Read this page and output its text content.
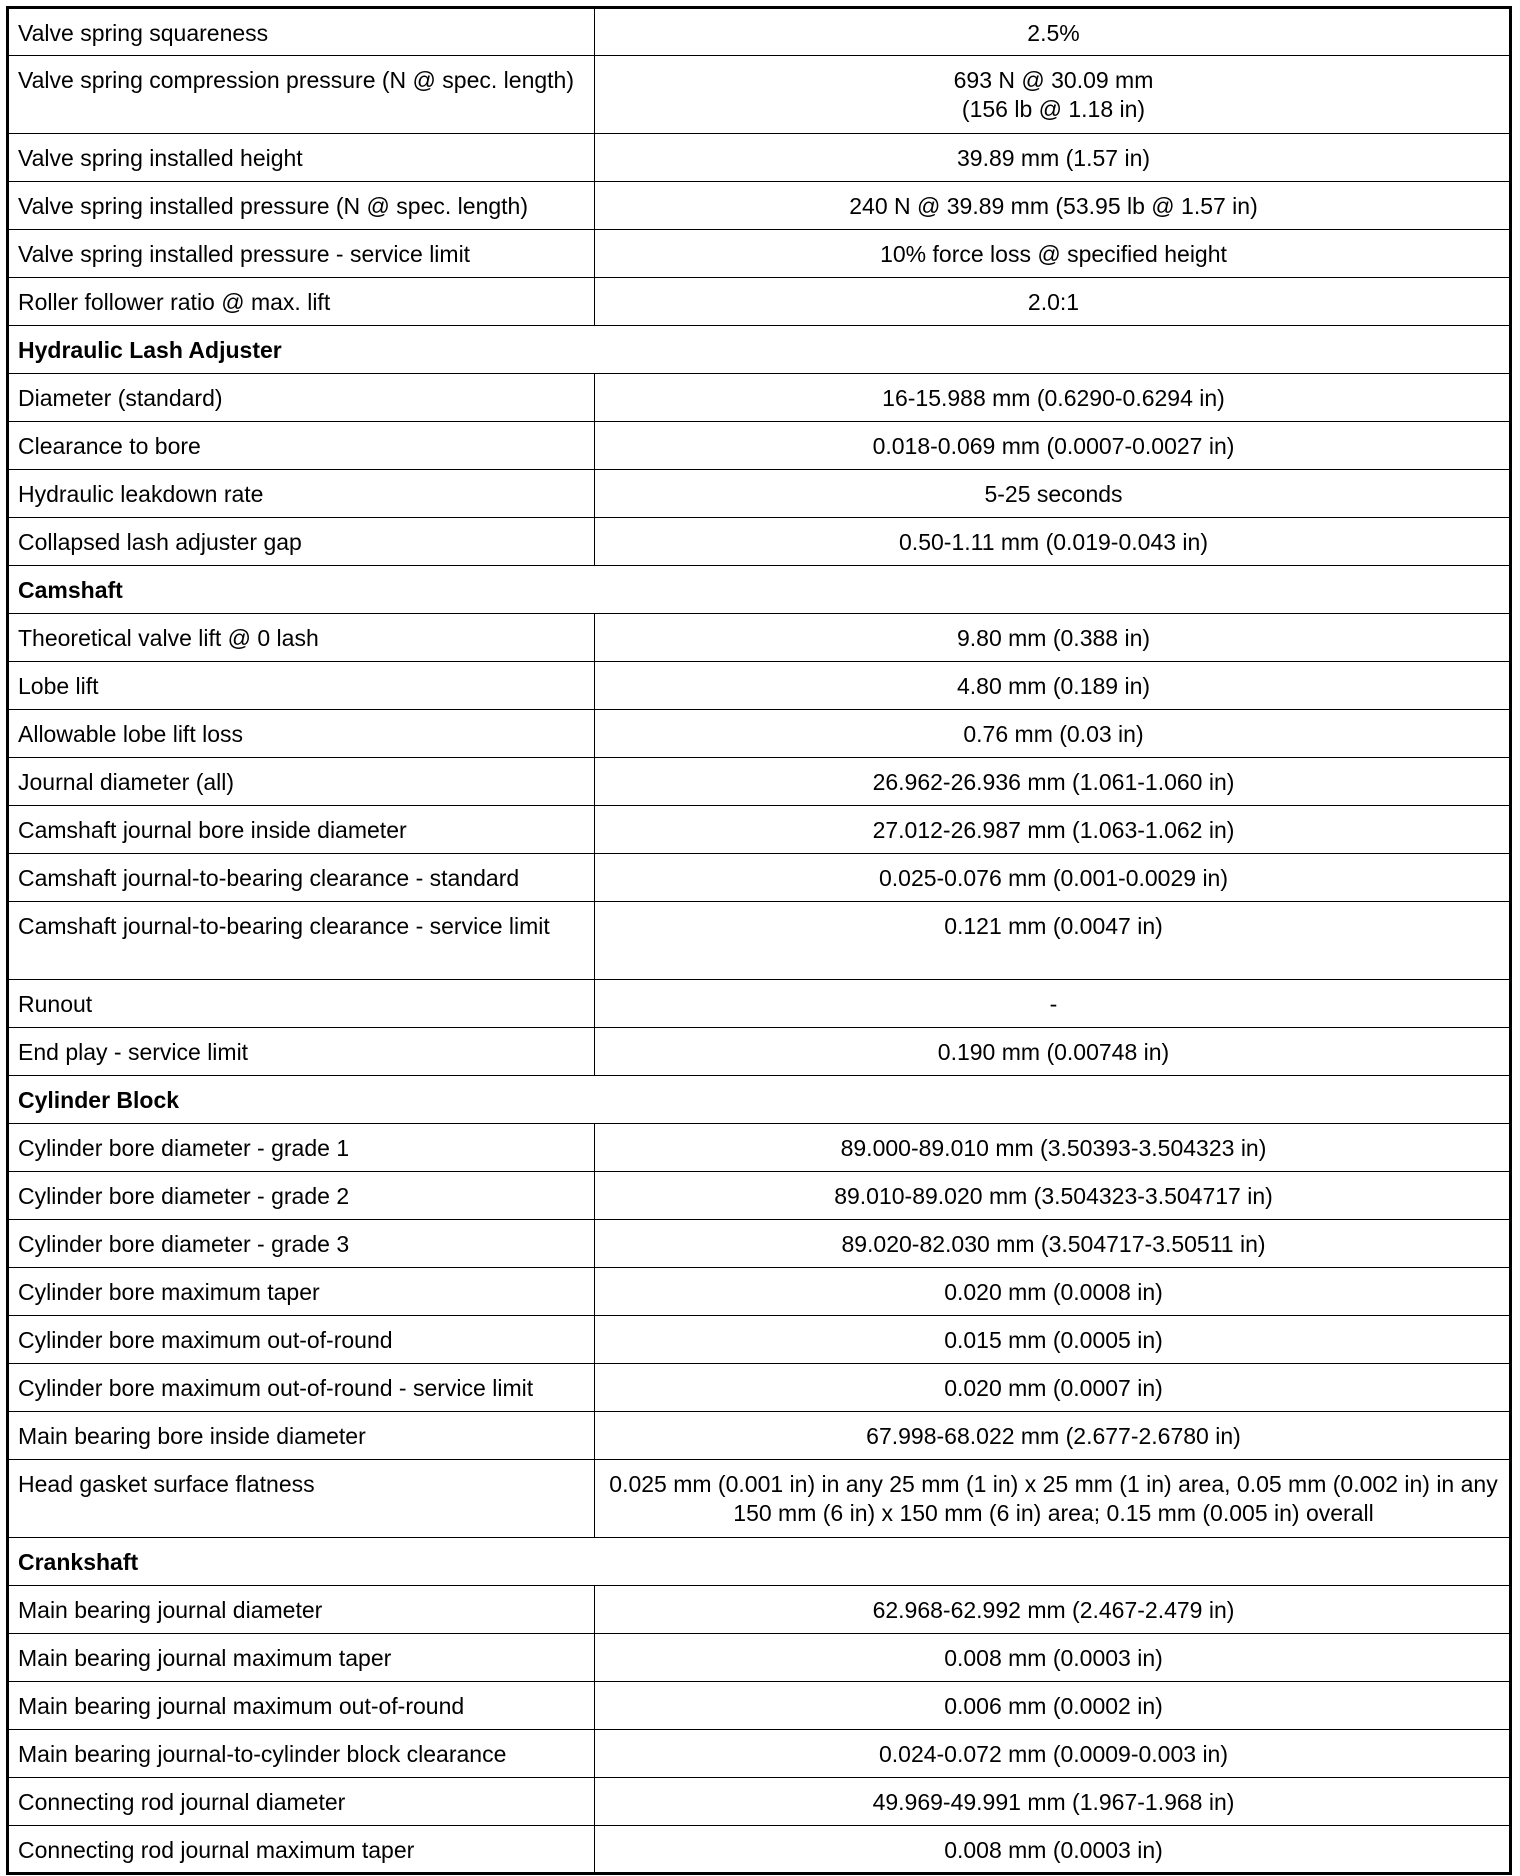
Valve spring squareness	2.5%
Valve spring compression pressure (N @ spec. length)	693 N @ 30.09 mm
(156 lb @ 1.18 in)
Valve spring installed height	39.89 mm (1.57 in)
Valve spring installed pressure (N @ spec. length)	240 N @ 39.89 mm (53.95 lb @ 1.57 in)
Valve spring installed pressure - service limit	10% force loss @ specified height
Roller follower ratio @ max. lift	2.0:1
Hydraulic Lash Adjuster	
Diameter (standard)	16-15.988 mm (0.6290-0.6294 in)
Clearance to bore	0.018-0.069 mm (0.0007-0.0027 in)
Hydraulic leakdown rate	5-25 seconds
Collapsed lash adjuster gap	0.50-1.11 mm (0.019-0.043 in)
Camshaft	
Theoretical valve lift @ 0 lash	9.80 mm (0.388 in)
Lobe lift	4.80 mm (0.189 in)
Allowable lobe lift loss	0.76 mm (0.03 in)
Journal diameter (all)	26.962-26.936 mm (1.061-1.060 in)
Camshaft journal bore inside diameter	27.012-26.987 mm (1.063-1.062 in)
Camshaft journal-to-bearing clearance - standard	0.025-0.076 mm (0.001-0.0029 in)
Camshaft journal-to-bearing clearance - service limit	0.121 mm (0.0047 in)
Runout	-
End play - service limit	0.190 mm (0.00748 in)
Cylinder Block	
Cylinder bore diameter - grade 1	89.000-89.010 mm (3.50393-3.504323 in)
Cylinder bore diameter - grade 2	89.010-89.020 mm (3.504323-3.504717 in)
Cylinder bore diameter - grade 3	89.020-82.030 mm (3.504717-3.50511 in)
Cylinder bore maximum taper	0.020 mm (0.0008 in)
Cylinder bore maximum out-of-round	0.015 mm (0.0005 in)
Cylinder bore maximum out-of-round - service limit	0.020 mm (0.0007 in)
Main bearing bore inside diameter	67.998-68.022 mm (2.677-2.6780 in)
Head gasket surface flatness	0.025 mm (0.001 in) in any 25 mm (1 in) x 25 mm (1 in) area, 0.05 mm (0.002 in) in any 150 mm (6 in) x 150 mm (6 in) area; 0.15 mm (0.005 in) overall
Crankshaft	
Main bearing journal diameter	62.968-62.992 mm (2.467-2.479 in)
Main bearing journal maximum taper	0.008 mm (0.0003 in)
Main bearing journal maximum out-of-round	0.006 mm (0.0002 in)
Main bearing journal-to-cylinder block clearance	0.024-0.072 mm (0.0009-0.003 in)
Connecting rod journal diameter	49.969-49.991 mm (1.967-1.968 in)
Connecting rod journal maximum taper	0.008 mm (0.0003 in)
